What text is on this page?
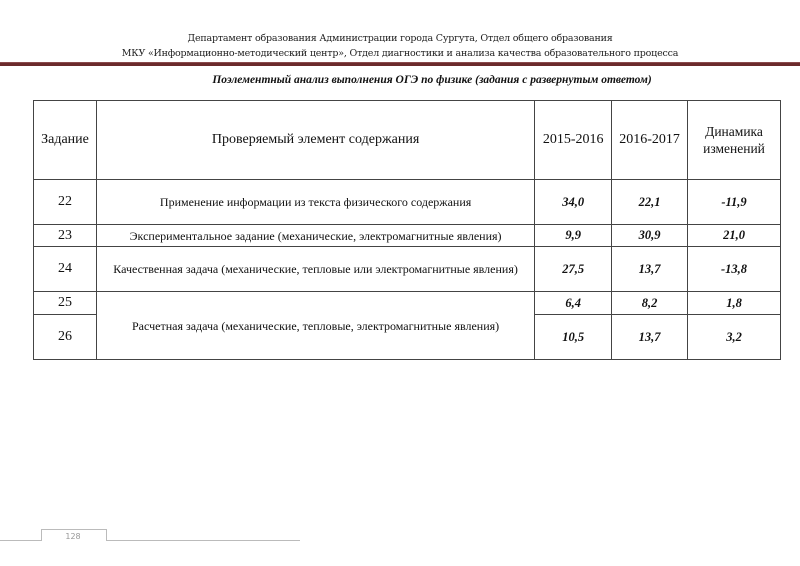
Департамент образования Администрации города Сургута, Отдел общего образования
МКУ «Информационно-методический центр», Отдел диагностики и анализа качества образовательного процесса
Поэлементный анализ выполнения ОГЭ по физике (задания с развернутым ответом)
Задание	Проверяемый элемент содержания	2015-2016	2016-2017	Динамика изменений
22	Применение информации из текста физического содержания	34,0	22,1	-11,9
23	Экспериментальное задание (механические, электромагнитные явления)	9,9	30,9	21,0
24	Качественная задача (механические, тепловые или электромагнитные явления)	27,5	13,7	-13,8
25	Расчетная задача (механические, тепловые, электромагнитные явления)	6,4	8,2	1,8
26		10,5	13,7	3,2
128
